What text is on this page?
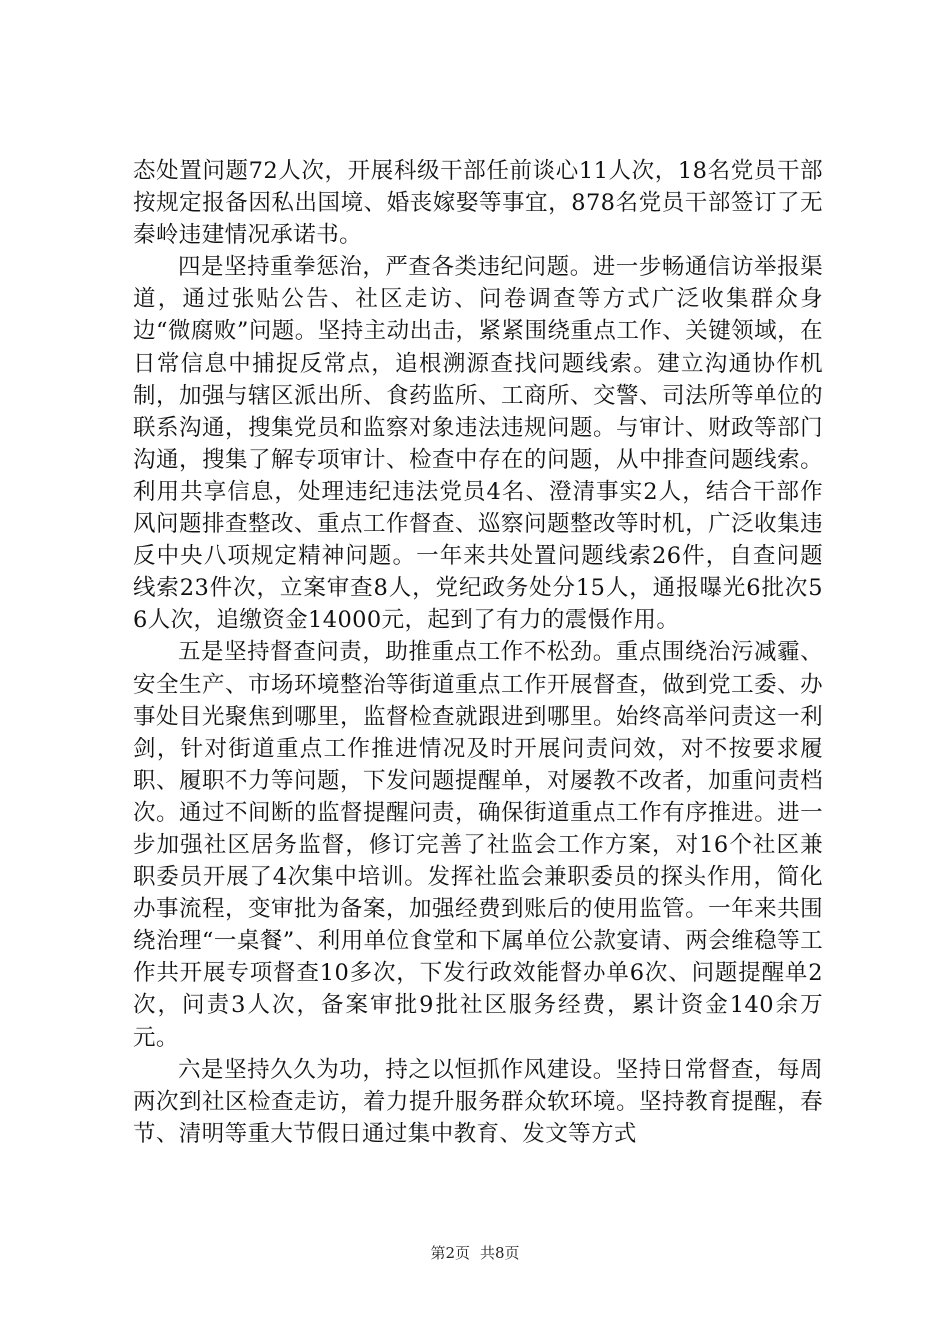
态处置问题72人次，开展科级干部任前谈心11人次，18名党员干部按规定报备因私出国境、婚丧嫁娶等事宜，878名党员干部签订了无秦岭违建情况承诺书。

四是坚持重拳惩治，严查各类违纪问题。进一步畅通信访举报渠道，通过张贴公告、社区走访、问卷调查等方式广泛收集群众身边“微腐败”问题。坚持主动出击，紧紧围绕重点工作、关键领域，在日常信息中捕捉反常点，追根溯源查找问题线索。建立沟通协作机制，加强与辖区派出所、食药监所、工商所、交警、司法所等单位的联系沟通，搜集党员和监察对象违法违规问题。与审计、财政等部门沟通，搜集了解专项审计、检查中存在的问题，从中排查问题线索。利用共享信息，处理违纪违法党员4名、澄清事实2人，结合干部作风问题排查整改、重点工作督查、巡察问题整改等时机，广泛收集违反中央八项规定精神问题。一年来共处置问题线索26件，自查问题线索23件次，立案审查8人，党纪政务处分15人，通报曝光6批次56人次，追缴资金14000元，起到了有力的震慑作用。

五是坚持督查问责，助推重点工作不松劲。重点围绕治污减霾、安全生产、市场环境整治等街道重点工作开展督查，做到党工委、办事处目光聚焦到哪里，监督检查就跟进到哪里。始终高举问责这一利剑，针对街道重点工作推进情况及时开展问责问效，对不按要求履职、履职不力等问题，下发问题提醒单，对屡教不改者，加重问责档次。通过不间断的监督提醒问责，确保街道重点工作有序推进。进一步加强社区居务监督，修订完善了社监会工作方案，对16个社区兼职委员开展了4次集中培训。发挥社监会兼职委员的探头作用，简化办事流程，变审批为备案，加强经费到账后的使用监管。一年来共围绕治理“一桌餐”、利用单位食堂和下属单位公款宴请、两会维稳等工作共开展专项督查10多次，下发行政效能督办单6次、问题提醒单2次，问责3人次，备案审批9批社区服务经费，累计资金140余万元。

六是坚持久久为功，持之以恒抓作风建设。坚持日常督查，每周两次到社区检查走访，着力提升服务群众软环境。坚持教育提醒，春节、清明等重大节假日通过集中教育、发文等方式

第2页 共8页
